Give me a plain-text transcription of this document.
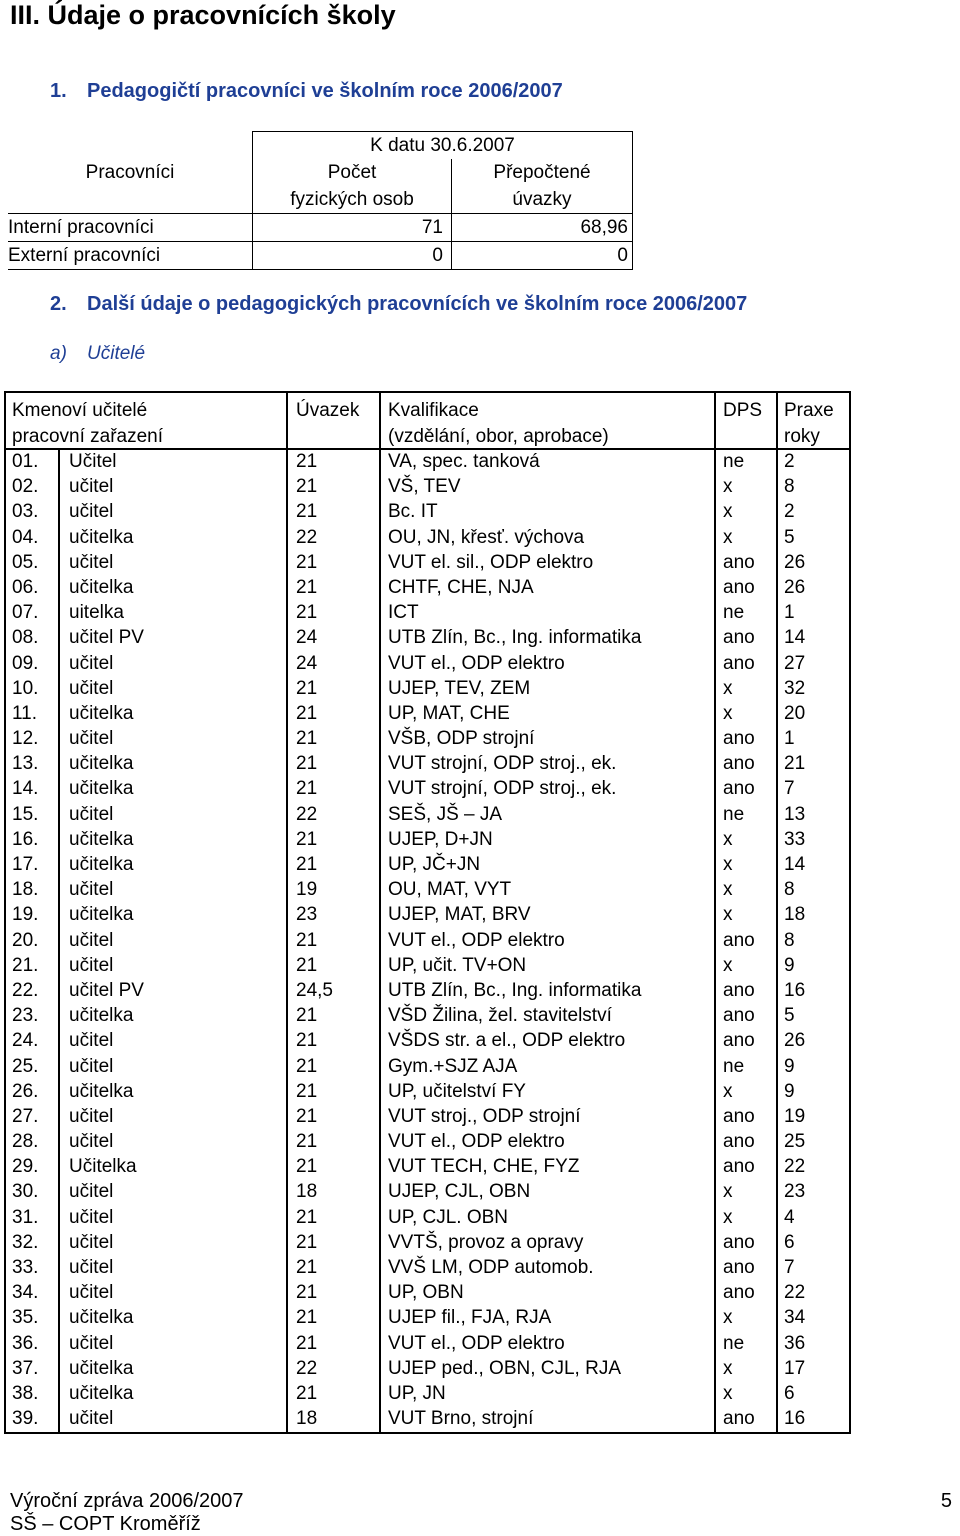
III. Údaje o pracovnících školy
1. Pedagogičtí pracovníci ve školním roce 2006/2007
	K datu 30.6.2007	
Pracovníci	Počet	Přepočtené
	fyzických osob	úvazky
Interní pracovníci	71	68,96
Externí pracovníci	0	0
2. Další údaje o pedagogických pracovnících ve školním roce 2006/2007
a) Učitelé
Kmenoví učitelé
pracovní zařazení
Úvazek Kvalifikace
(vzdělání, obor, aprobace)
DPS Praxe
roky
01. Učitel	21	VA, spec. tanková	ne 2
02. učitel	21	VŠ, TEV	x	8
03. učitel	21	Bc. IT	x	2
04. učitelka	22	OU, JN, křesť. výchova	x	5
05. učitel	21	VUT el. sil., ODP elektro	ano 26
06. učitelka	21	CHTF, CHE, NJA	ano 26
07. uitelka	21	ICT	ne 1
08. učitel PV	24	UTB Zlín, Bc., Ing. informatika	ano 14
09. učitel	24	VUT el., ODP elektro	ano 27
10. učitel	21	UJEP, TEV, ZEM	x	32
11. učitelka	21	UP, MAT, CHE	x	20
12. učitel	21	VŠB, ODP strojní	ano 1
13. učitelka	21	VUT strojní, ODP stroj., ek.	ano 21
14. učitelka	21	VUT strojní, ODP stroj., ek.	ano 7
15. učitel	22	SEŠ, JŠ – JA	ne 13
16. učitelka	21	UJEP, D+JN	x	33
17. učitelka	21	UP, JČ+JN	x	14
18. učitel	19	OU, MAT, VYT	x	8
19. učitelka	23	UJEP, MAT, BRV	x	18
20. učitel	21	VUT el., ODP elektro	ano 8
21. učitel	21	UP, učit. TV+ON	x	9
22. učitel PV	24,5	UTB Zlín, Bc., Ing. informatika	ano 16
23. učitelka	21	VŠD Žilina, žel. stavitelství	ano 5
24. učitel	21	VŠDS str. a el., ODP elektro	ano 26
25. učitel	21	Gym.+SJZ AJA	ne 9
26. učitelka	21	UP, učitelství FY	x	9
27. učitel	21	VUT stroj., ODP strojní	ano 19
28. učitel	21	VUT el., ODP elektro	ano 25
29. Učitelka	21	VUT TECH, CHE, FYZ	ano 22
30. učitel	18	UJEP, CJL, OBN	x	23
31. učitel	21	UP, CJL. OBN	x	4
32. učitel	21	VVTŠ, provoz a opravy	ano 6
33. učitel	21	VVŠ LM, ODP automob.	ano 7
34. učitel	21	UP, OBN	ano 22
35. učitelka	21	UJEP fil., FJA, RJA	x	34
36. učitel	21	VUT el., ODP elektro	ne 36
37. učitelka	22	UJEP ped., OBN, CJL, RJA	x	17
38. učitelka	21	UP, JN	x	6
39. učitel	18	VUT Brno, strojní	ano 16
Výroční zpráva 2006/2007
SŠ – COPT Kroměříž
5
